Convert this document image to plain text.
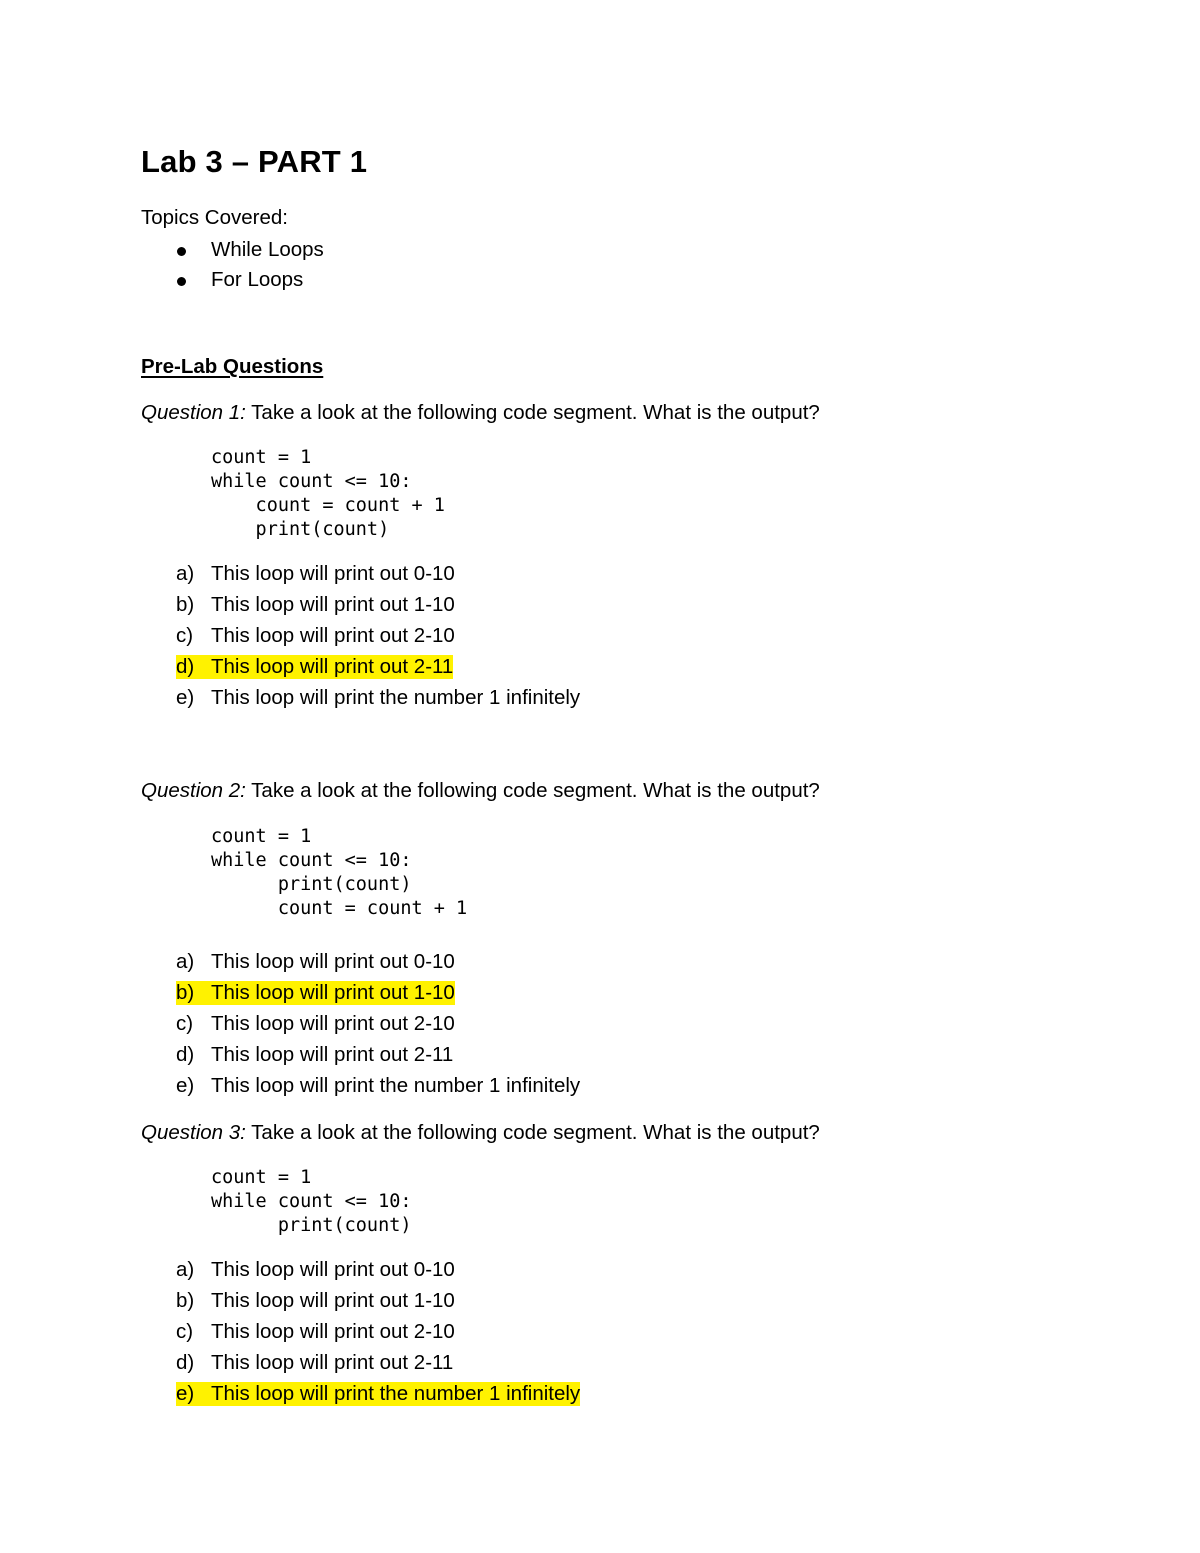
Lab 3 – PART 1
Topics Covered:
While Loops
For Loops
Pre-Lab Questions
Question 1: Take a look at the following code segment. What is the output?
count = 1
while count <= 10:
count = count + 1
print(count)
a) This loop will print out 0-10
b) This loop will print out 1-10
c) This loop will print out 2-10
d) This loop will print out 2-11
e) This loop will print the number 1 infinitely
Question 2: Take a look at the following code segment. What is the output?
count = 1
while count <= 10:
print(count)
count = count + 1
a) This loop will print out 0-10
b) This loop will print out 1-10
c) This loop will print out 2-10
d) This loop will print out 2-11
e) This loop will print the number 1 infinitely
Question 3: Take a look at the following code segment. What is the output?
count = 1
while count <= 10:
print(count)
a) This loop will print out 0-10
b) This loop will print out 1-10
c) This loop will print out 2-10
d) This loop will print out 2-11
e) This loop will print the number 1 infinitely
